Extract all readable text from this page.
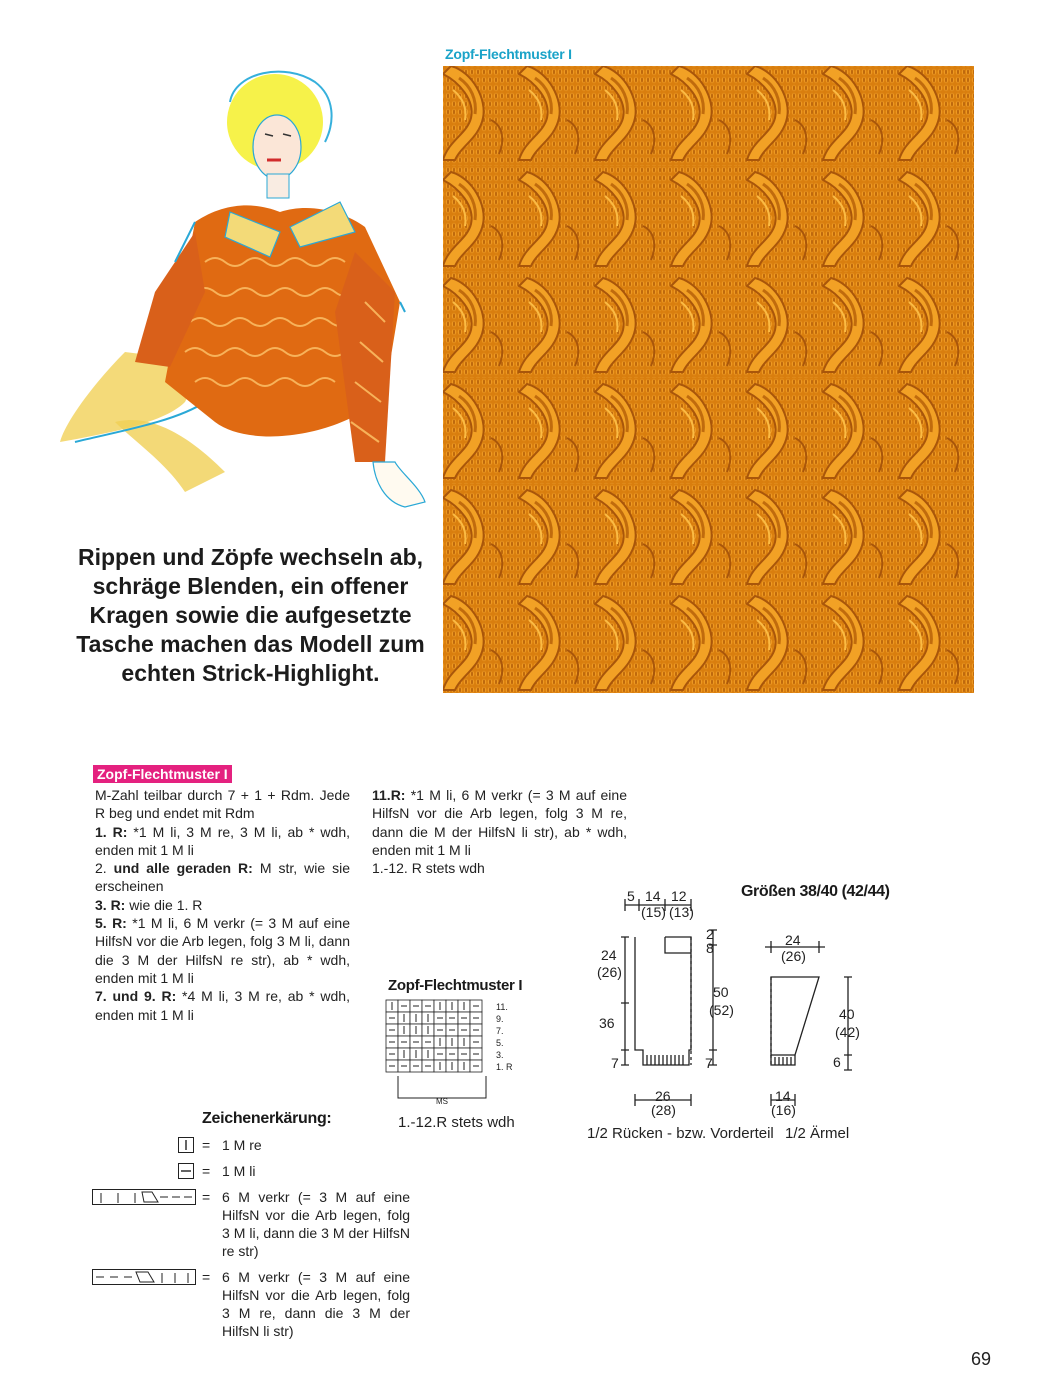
Zopf-Flechtmuster I
Rippen und Zöpfe wechseln ab, schräge Blenden, ein offener Kragen sowie die aufgesetzte Tasche machen das Modell zum echten Strick-Highlight.
Zopf-Flechtmuster I

M-Zahl teilbar durch 7 + 1 + Rdm. Jede R beg und endet mit Rdm

1. R: *1 M li, 3 M re, 3 M li, ab * wdh, enden mit 1 M li

2. und alle geraden R: M str, wie sie erscheinen

3. R: wie die 1. R

5. R: *1 M li, 6 M verkr (= 3 M auf eine HilfsN vor die Arb legen, folg 3 M li, dann die 3 M der HilfsN re str), ab * wdh, enden mit 1 M li

7. und 9. R: *4 M li, 3 M re, ab * wdh, enden mit 1 M li

11.R: *1 M li, 6 M verkr (= 3 M auf eine HilfsN vor die Arb legen, folg 3 M re, dann die M der HilfsN li str), ab * wdh, enden mit 1 M li

1.-12. R stets wdh

Zopf-Flechtmuster I
11.
9.
7.
5.
3.
1. R
MS
1.-12.R stets wdh
Größen 38/40 (42/44)
5 14
(15)
12
(13)
2
8
24
(26)
36
7
50
(52)
7
26
(28)
24
(26)
40
(42)
6
14
(16)
1/2 Rücken - bzw. Vorderteil 1/2 Ärmel
Zeichenerkärung:
= 1 M re
= 1 M li
= 6 M verkr (= 3 M auf eine HilfsN vor die Arb legen, folg 3 M li, dann die 3 M der HilfsN re str)
= 6 M verkr (= 3 M auf eine HilfsN vor die Arb legen, folg 3 M re, dann die 3 M der HilfsN li str)
69
